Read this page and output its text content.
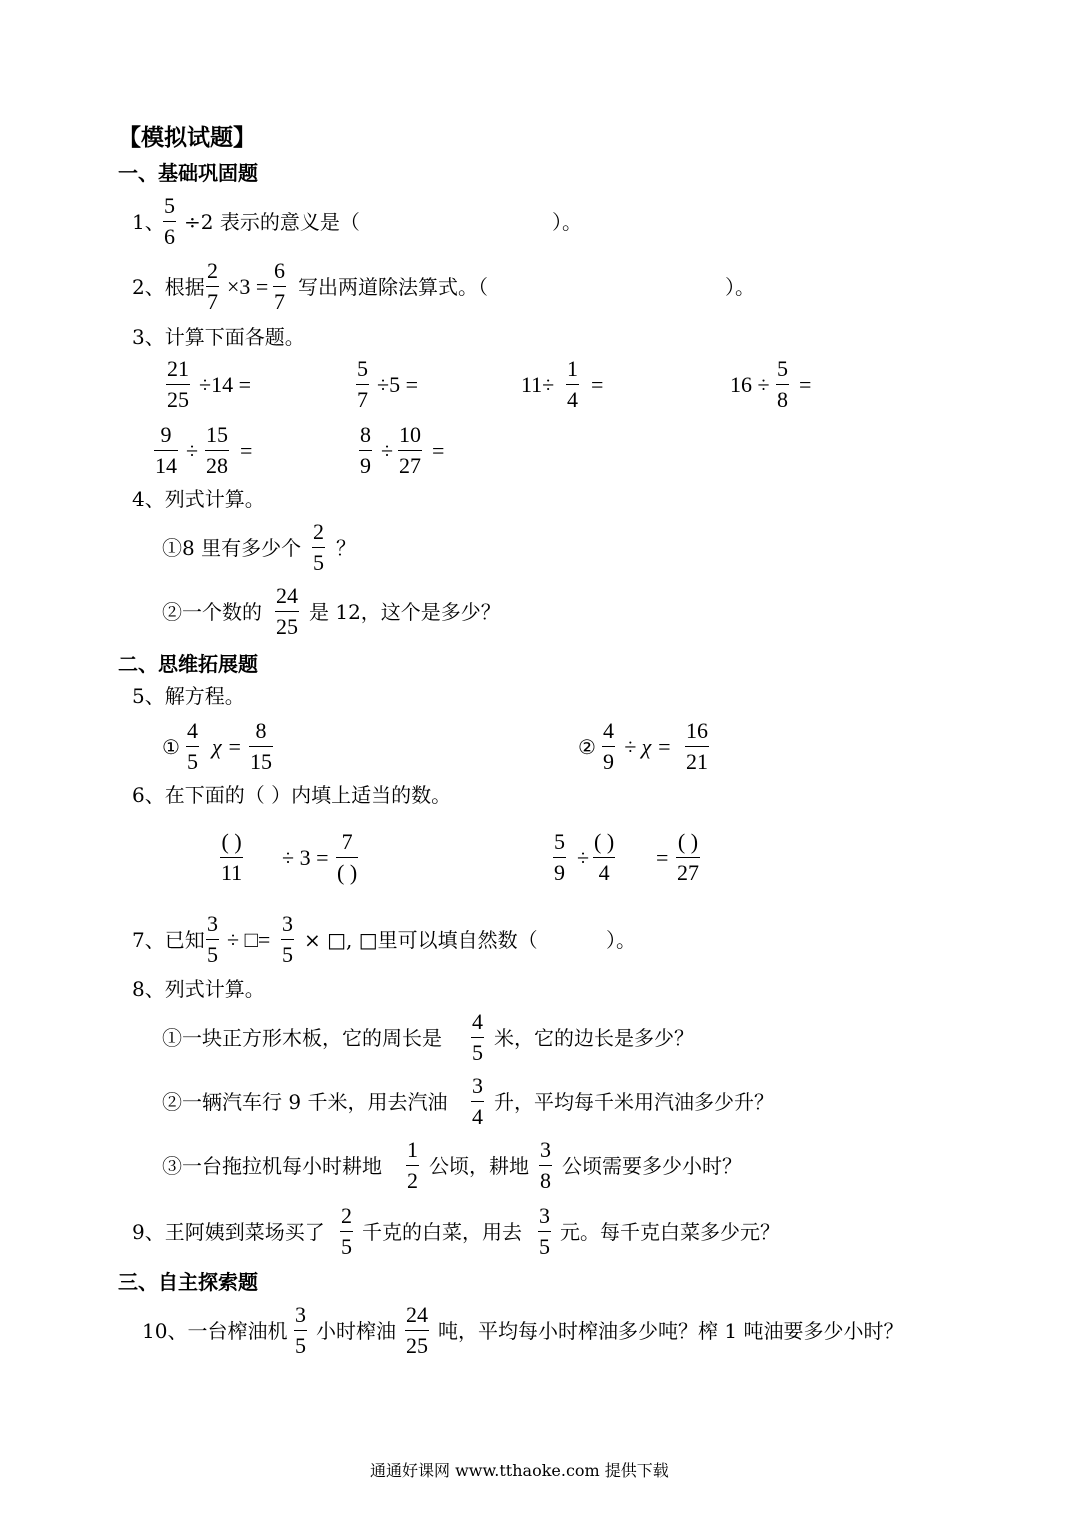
【模拟试题】
一、基础巩固题
1、
5
6
÷2 表示的意义是（	）。
2、根据
2
7
×3 =
6
7
写出两道除法算式。（	）。
3、计算下面各题。
21
25
÷14 =
5
7
÷5 =	11÷
1
4
=	16 ÷
5
8
=
9
14
÷
15
28
=
8
9
÷
10
27
=
4、列式计算。
①8 里有多少个
2
5
？
②一个数的
24
25
是 12，这个是多少？
二、思维拓展题
5、解方程。
①
4
5
χ =
8
15
②
4
9
÷ χ =
16
21
6、在下面的（ ）内填上适当的数。
( )
11
÷ 3 =
7
( )
5
9
÷
( )
4
=
( )
27
7、已知
3
5
÷ □=
3
5
× □, □里可以填自然数（	）。
8、列式计算。
①一块正方形木板，它的周长是
4
5
米，它的边长是多少？
②一辆汽车行 9 千米，用去汽油
3
4
升，平均每千米用汽油多少升？
③一台拖拉机每小时耕地
1
2
公顷，耕地
3
8
公顷需要多少小时？
9、王阿姨到菜场买了
2
5
千克的白菜，用去
3
5
元。每千克白菜多少元？
三、自主探索题
10、一台榨油机
3
5
小时榨油
24
25
吨，平均每小时榨油多少吨？榨 1 吨油要多少小时？
通通好课网 www.tthaoke.com 提供下载
